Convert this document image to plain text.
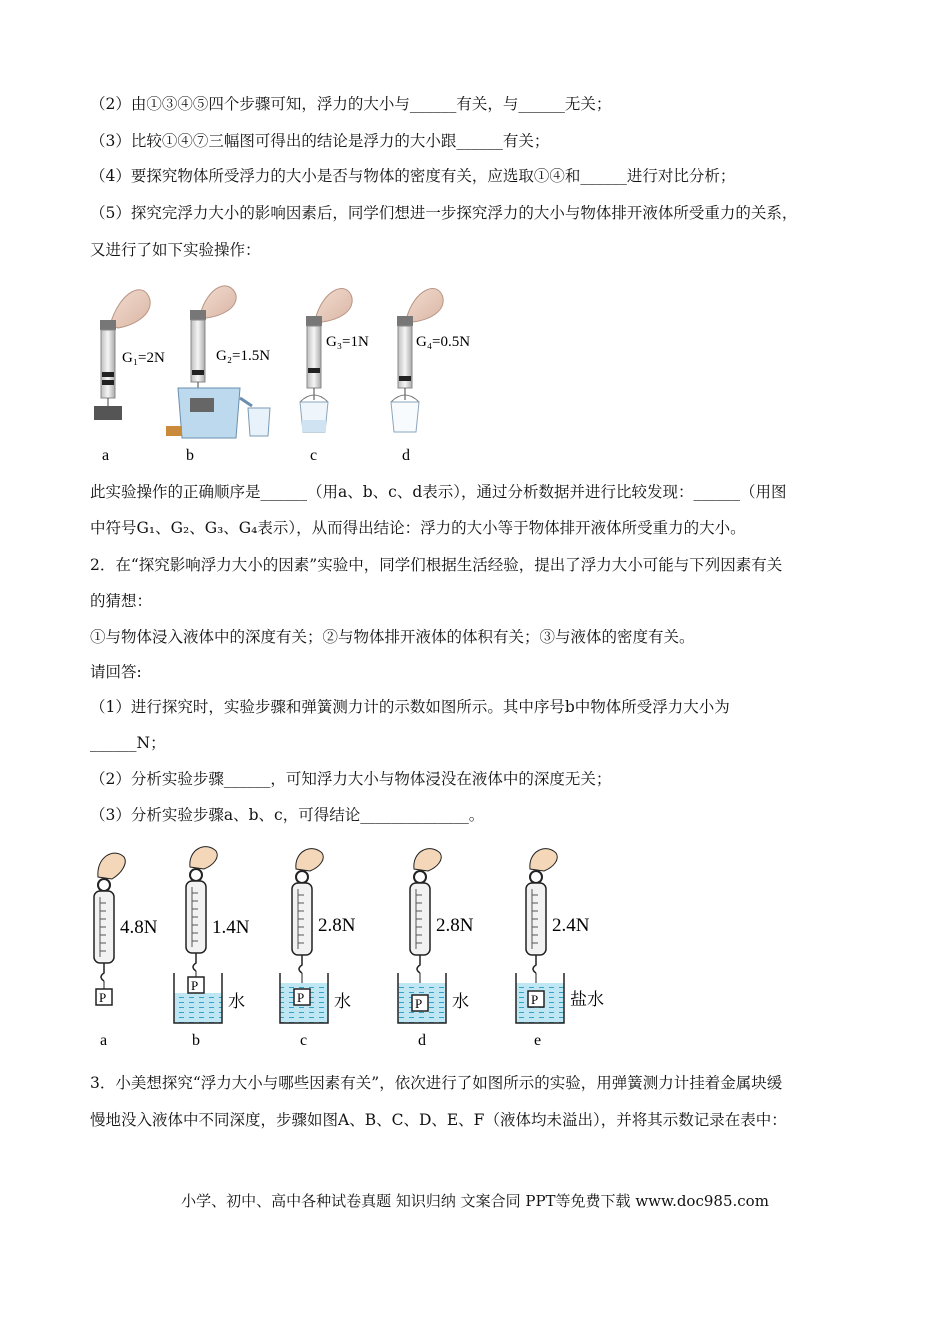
（2）由①③④⑤四个步骤可知，浮力的大小与______有关，与______无关；
（3）比较①④⑦三幅图可得出的结论是浮力的大小跟______有关；
（4）要探究物体所受浮力的大小是否与物体的密度有关，应选取①④和______进行对比分析；
（5）探究完浮力大小的影响因素后，同学们想进一步探究浮力的大小与物体排开液体所受重力的关系，
又进行了如下实验操作：
G₁=2N	G₂=1.5N
G₃=1N	G₄=0.5N
a	b	c	d
此实验操作的正确顺序是______（用a、b、c、d表示），通过分析数据并进行比较发现：______（用图
中符号G₁、G₂、G₃、G₄表示），从而得出结论：浮力的大小等于物体排开液体所受重力的大小。
2．在“探究影响浮力大小的因素”实验中，同学们根据生活经验，提出了浮力大小可能与下列因素有关
的猜想：
①与物体浸入液体中的深度有关；②与物体排开液体的体积有关；③与液体的密度有关。
请回答:
（1）进行探究时，实验步骤和弹簧测力计的示数如图所示。其中序号b中物体所受浮力大小为
______N；
（2）分析实验步骤______，可知浮力大小与物体浸没在液体中的深度无关；
（3）分析实验步骤a、b、c，可得结论______________。
P
P
P	P	P
4.8N	1.4N	2.8N	2.8N	2.4N
水	水	水	盐水
a	b	c	d	e
3．小美想探究“浮力大小与哪些因素有关”，依次进行了如图所示的实验，用弹簧测力计挂着金属块缓
慢地没入液体中不同深度，步骤如图A、B、C、D、E、F（液体均未溢出），并将其示数记录在表中：
小学、初中、高中各种试卷真题 知识归纳 文案合同 PPT等免费下载 www.doc985.com
